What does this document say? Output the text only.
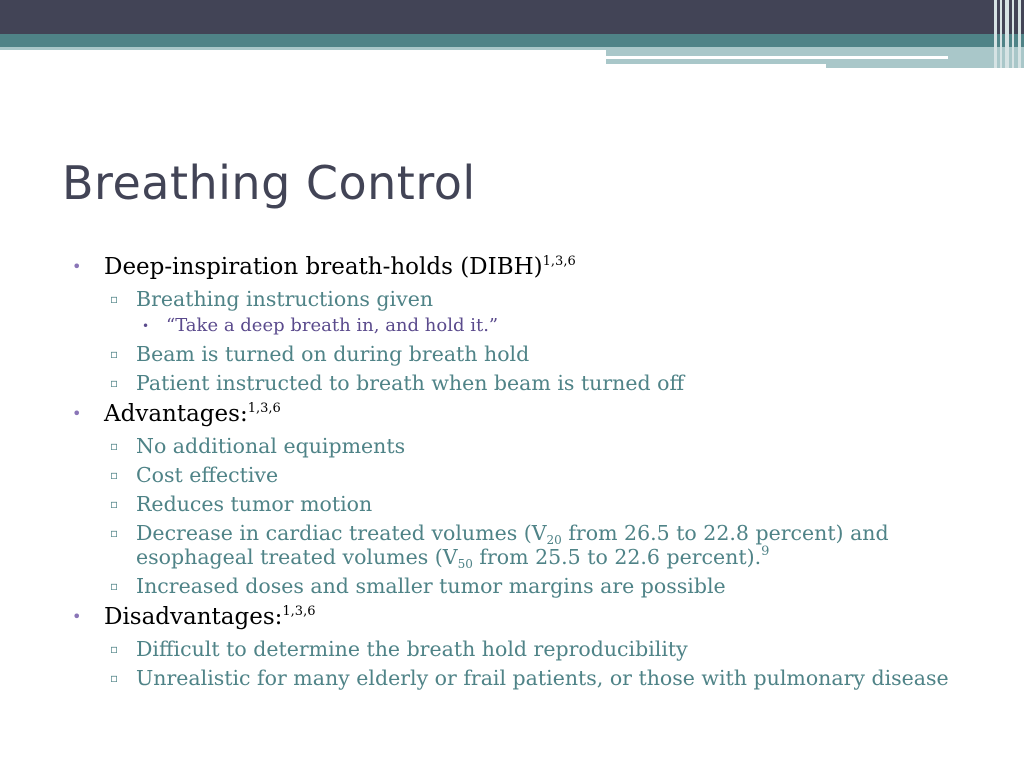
Breathing Control
• Deep-inspiration breath-holds (DIBH)$^{1,3,6}$
▫ Breathing instructions given
• “Take a deep breath in, and hold it.”
▫ Beam is turned on during breath hold
▫ Patient instructed to breath when beam is turned off
• Advantages:$^{1,3,6}$
▫ No additional equipments
▫ Cost effective
▫ Reduces tumor motion
▫ Decrease in cardiac treated volumes ($V_{20}$ from 26.5 to 22.8 percent) and esophageal treated volumes ($V_{50}$ from 25.5 to 22.6 percent).$^9$
▫ Increased doses and smaller tumor margins are possible
• Disadvantages:$^{1,3,6}$
▫ Difficult to determine the breath hold reproducibility
▫ Unrealistic for many elderly or frail patients, or those with pulmonary disease
